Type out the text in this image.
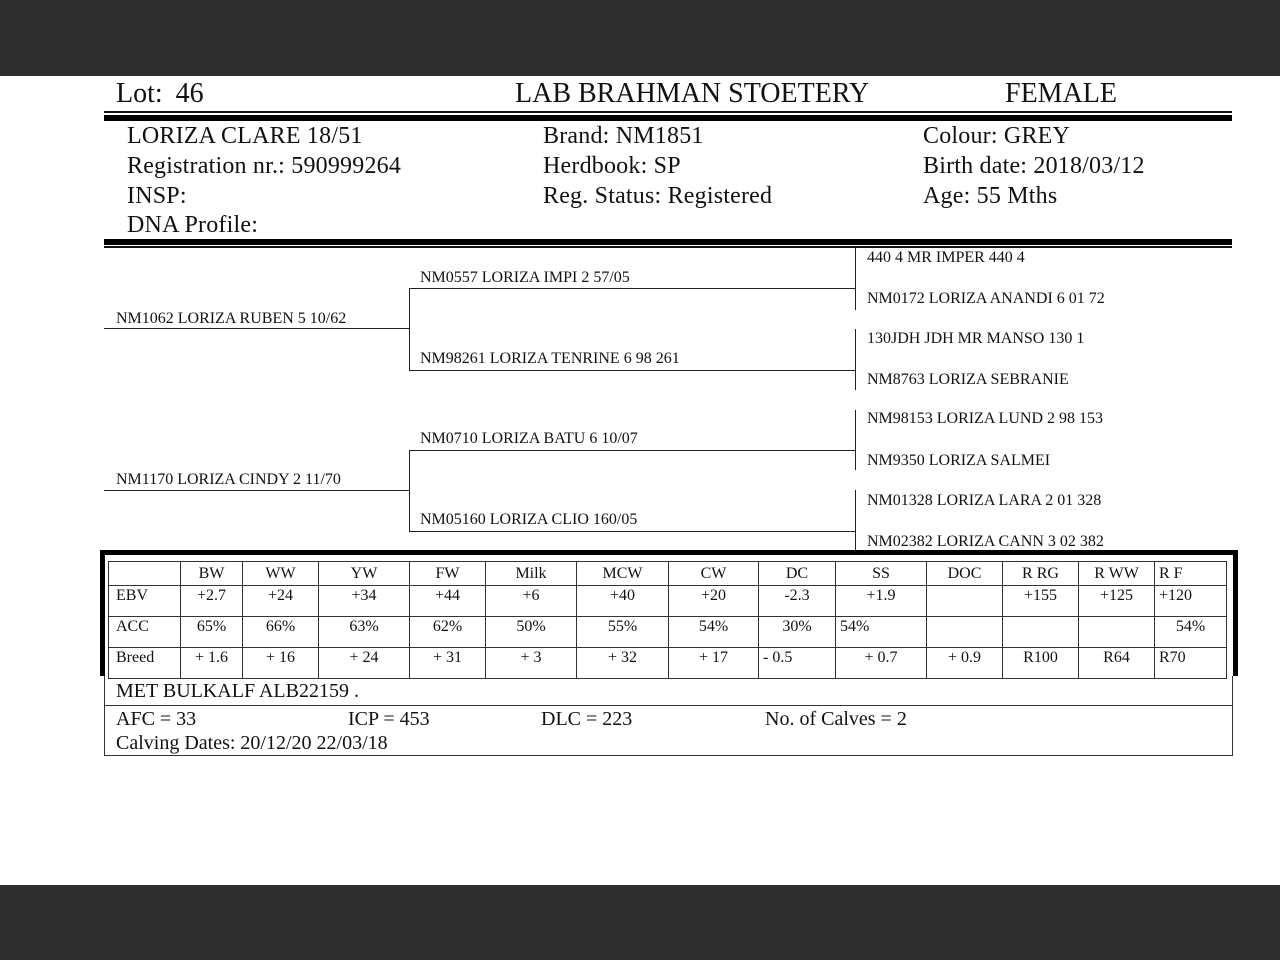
Lot: 46	LAB BRAHMAN STOETERY	FEMALE
LORIZA CLARE 18/51
Registration nr.: 590999264
INSP:
DNA Profile:
Brand: NM1851
Herdbook: SP
Reg. Status: Registered
Colour: GREY
Birth date: 2018/03/12
Age: 55 Mths
NM1062 LORIZA RUBEN 5 10/62
NM1170 LORIZA CINDY 2 11/70
NM0557 LORIZA IMPI 2 57/05
NM98261 LORIZA TENRINE 6 98 261
NM0710 LORIZA BATU 6 10/07
NM05160 LORIZA CLIO 160/05
440 4 MR IMPER 440 4
NM0172 LORIZA ANANDI 6 01 72
130JDH JDH MR MANSO 130 1
NM8763 LORIZA SEBRANIE
NM98153 LORIZA LUND 2 98 153
NM9350 LORIZA SALMEI
NM01328 LORIZA LARA 2 01 328
NM02382 LORIZA CANN 3 02 382
	BW	WW	YW	FW	Milk	MCW	CW	DC	SS	DOC	R RG	R WW	R F
EBV	+2.7	+24	+34	+44	+6	+40	+20	-2.3	+1.9		+155	+125	+120
ACC	65%	66%	63%	62%	50%	55%	54%	30%	54%				54%
Breed	+ 1.6	+ 16	+ 24	+ 31	+ 3	+ 32	+ 17	- 0.5	+ 0.7	+ 0.9	R100	R64	R70
MET BULKALF ALB22159 .
AFC = 33	ICP = 453	DLC = 223	No. of Calves = 2
Calving Dates: 20/12/20 22/03/18
